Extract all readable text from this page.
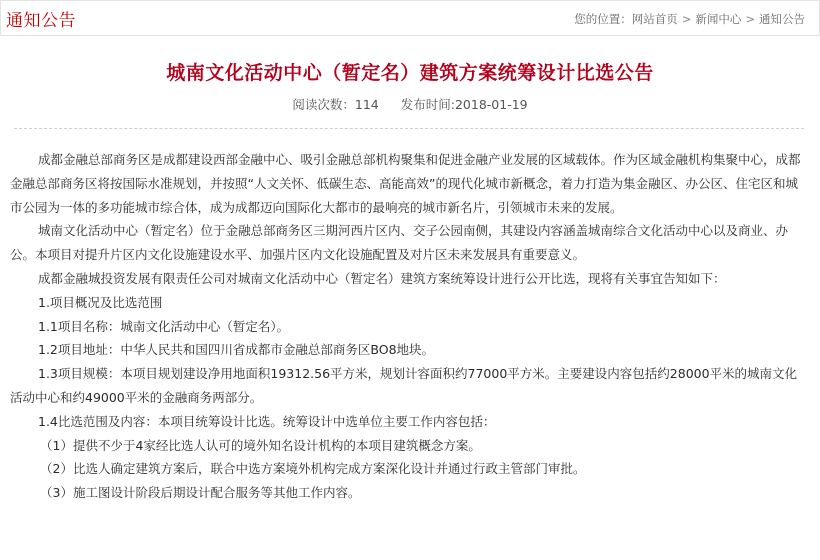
通知公告	您的位置：网站首页 > 新闻中心 > 通知公告
城南文化活动中心（暂定名）建筑方案统筹设计比选公告
阅读次数：114 发布时间:2018-01-19

成都金融总部商务区是成都建设西部金融中心、吸引金融总部机构聚集和促进金融产业发展的区域载体。作为区域金融机构集聚中心，成都金融总部商务区将按国际水准规划，并按照“人文关怀、低碳生态、高能高效”的现代化城市新概念，着力打造为集金融区、办公区、住宅区和城市公园为一体的多功能城市综合体，成为成都迈向国际化大都市的最响亮的城市新名片，引领城市未来的发展。

城南文化活动中心（暂定名）位于金融总部商务区三期河西片区内、交子公园南侧，其建设内容涵盖城南综合文化活动中心以及商业、办公。本项目对提升片区内文化设施建设水平、加强片区内文化设施配置及对片区未来发展具有重要意义。

成都金融城投资发展有限责任公司对城南文化活动中心（暂定名）建筑方案统筹设计进行公开比选，现将有关事宜告知如下：

1.项目概况及比选范围

1.1项目名称：城南文化活动中心（暂定名）。

1.2项目地址：中华人民共和国四川省成都市金融总部商务区BO8地块。

1.3项目规模：本项目规划建设净用地面积19312.56平方米，规划计容面积约77000平方米。主要建设内容包括约28000平米的城南文化活动中心和约49000平米的金融商务两部分。

1.4比选范围及内容：本项目统筹设计比选。统筹设计中选单位主要工作内容包括：

（1）提供不少于4家经比选人认可的境外知名设计机构的本项目建筑概念方案。

（2）比选人确定建筑方案后，联合中选方案境外机构完成方案深化设计并通过行政主管部门审批。

（3）施工图设计阶段后期设计配合服务等其他工作内容。
